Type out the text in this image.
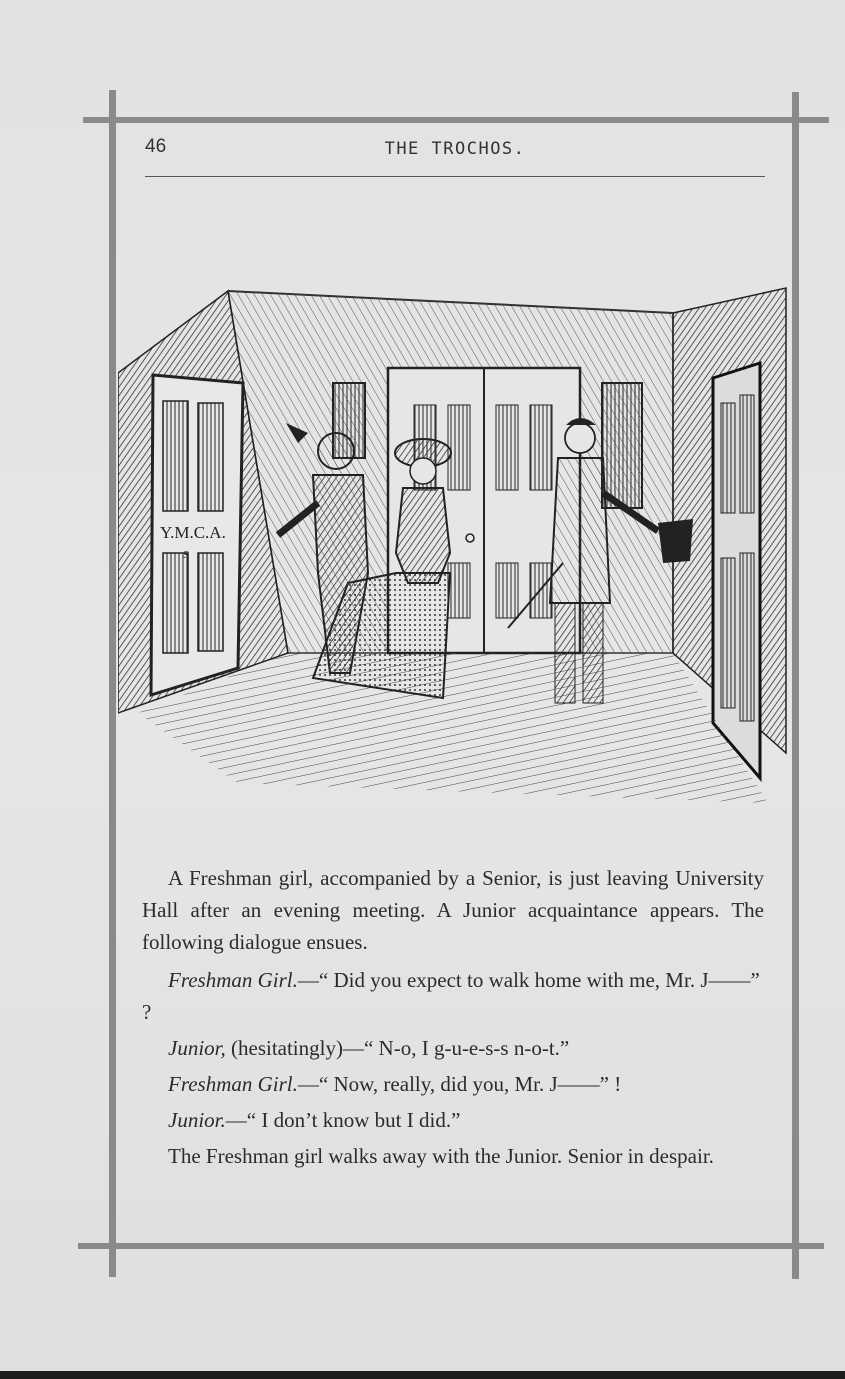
46	THE TROCHOS.
Y.M.C.A.
S

A Freshman girl, accompanied by a Senior, is just leaving University Hall after an evening meeting. A Junior acquaintance appears. The following dialogue ensues.

Freshman Girl.—“ Did you expect to walk home with me, Mr. J——” ?

Junior, (hesitatingly)—“ N-o, I g-u-e-s-s n-o-t.”

Freshman Girl.—“ Now, really, did you, Mr. J——” !

Junior.—“ I don’t know but I did.”

The Freshman girl walks away with the Junior. Senior in despair.
